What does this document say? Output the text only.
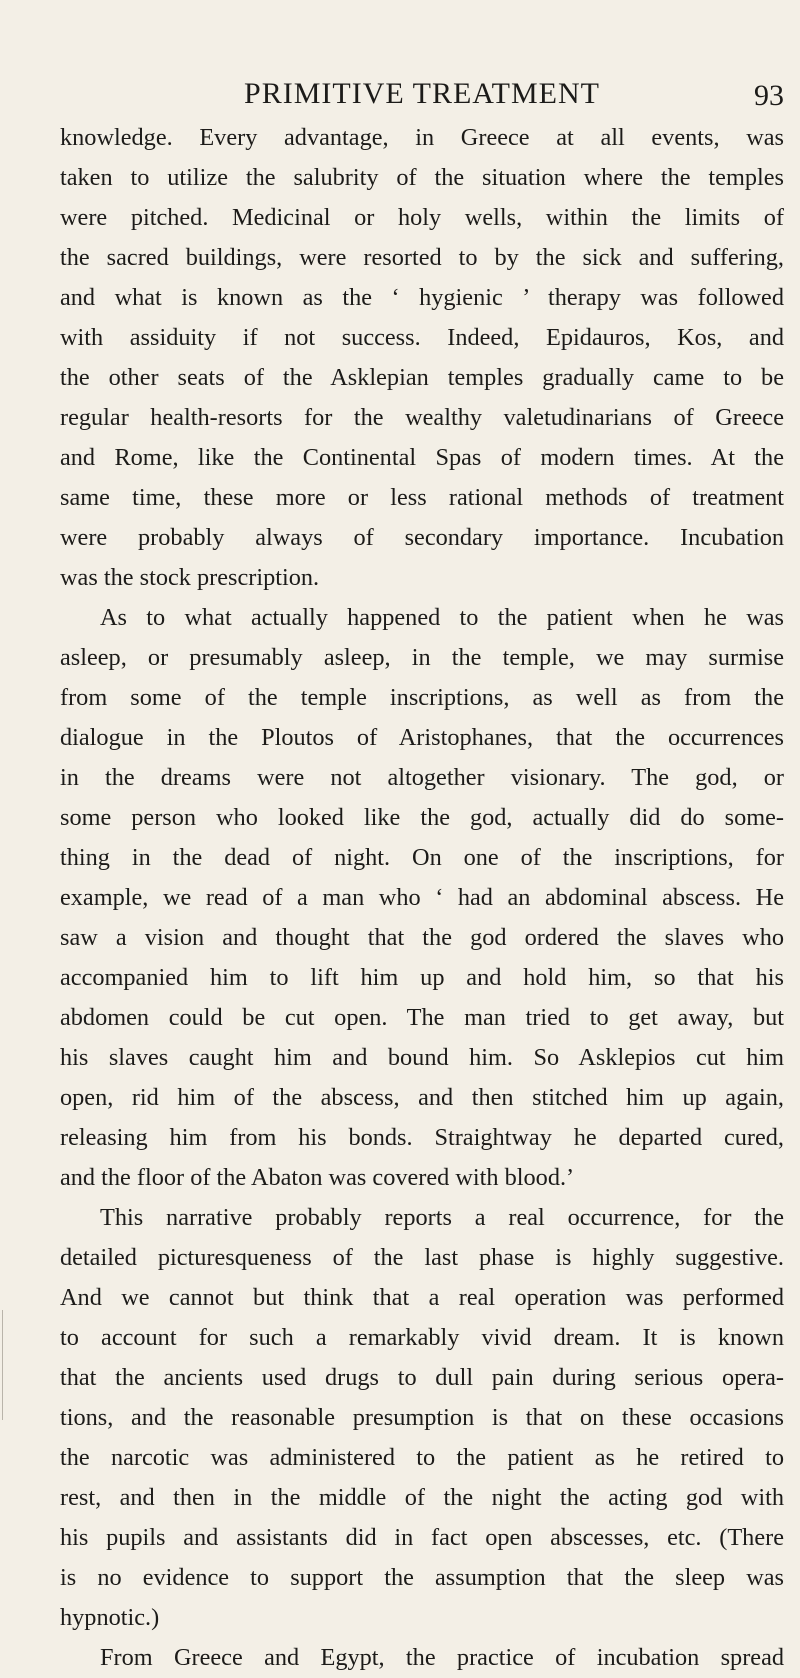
PRIMITIVE TREATMENT	93
knowledge. Every advantage, in Greece at all events, was
taken to utilize the salubrity of the situation where the temples
were pitched. Medicinal or holy wells, within the limits of
the sacred buildings, were resorted to by the sick and suffering,
and what is known as the ‘ hygienic ’ therapy was followed
with assiduity if not success. Indeed, Epidauros, Kos, and
the other seats of the Asklepian temples gradually came to be
regular health-resorts for the wealthy valetudinarians of Greece
and Rome, like the Continental Spas of modern times. At the
same time, these more or less rational methods of treatment
were probably always of secondary importance. Incubation
was the stock prescription.
As to what actually happened to the patient when he was
asleep, or presumably asleep, in the temple, we may surmise
from some of the temple inscriptions, as well as from the
dialogue in the Ploutos of Aristophanes, that the occurrences
in the dreams were not altogether visionary. The god, or
some person who looked like the god, actually did do some-
thing in the dead of night. On one of the inscriptions, for
example, we read of a man who ‘ had an abdominal abscess. He
saw a vision and thought that the god ordered the slaves who
accompanied him to lift him up and hold him, so that his
abdomen could be cut open. The man tried to get away, but
his slaves caught him and bound him. So Asklepios cut him
open, rid him of the abscess, and then stitched him up again,
releasing him from his bonds. Straightway he departed cured,
and the floor of the Abaton was covered with blood.’
This narrative probably reports a real occurrence, for the
detailed picturesqueness of the last phase is highly suggestive.
And we cannot but think that a real operation was performed
to account for such a remarkably vivid dream. It is known
that the ancients used drugs to dull pain during serious opera-
tions, and the reasonable presumption is that on these occasions
the narcotic was administered to the patient as he retired to
rest, and then in the middle of the night the acting god with
his pupils and assistants did in fact open abscesses, etc. (There
is no evidence to support the assumption that the sleep was
hypnotic.)
From Greece and Egypt, the practice of incubation spread
